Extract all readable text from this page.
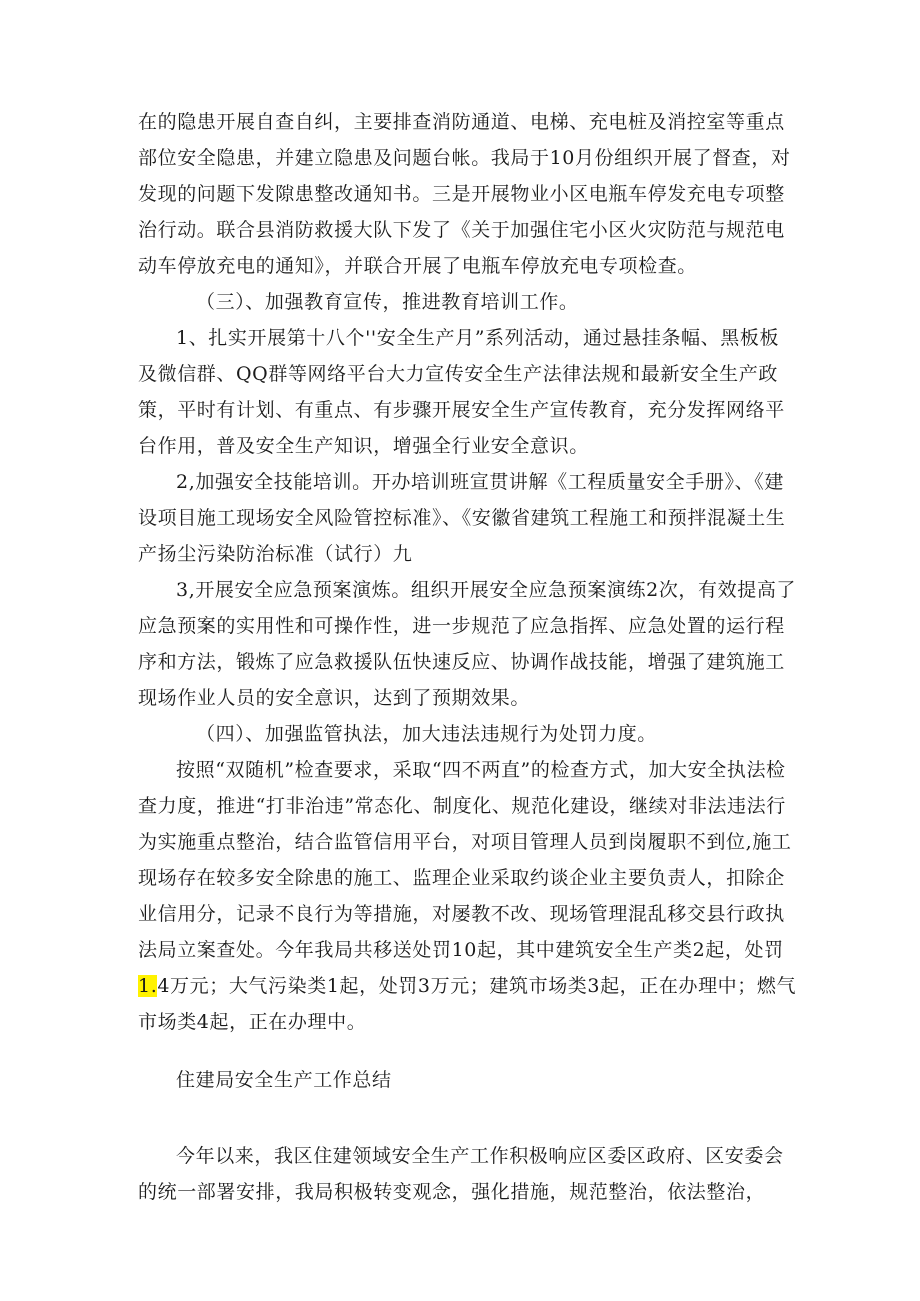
在的隐患开展自查自纠，主要排查消防通道、电梯、充电桩及消控室等重点部位安全隐患，并建立隐患及问题台帐。我局于10月份组织开展了督查，对发现的问题下发隙患整改通知书。三是开展物业小区电瓶车停发充电专项整治行动。联合县消防救援大队下发了《关于加强住宅小区火灾防范与规范电动车停放充电的通知》，并联合开展了电瓶车停放充电专项检查。

（三）、加强教育宣传，推进教育培训工作。

1、扎实开展第十八个''安全生产月”系列活动，通过悬挂条幅、黑板板及微信群、QQ群等网络平台大力宣传安全生产法律法规和最新安全生产政策，平时有计划、有重点、有步骤开展安全生产宣传教育，充分发挥网络平台作用，普及安全生产知识，增强全行业安全意识。

2,加强安全技能培训。开办培训班宣贯讲解《工程质量安全手册》、《建设项目施工现场安全风险管控标准》、《安徽省建筑工程施工和预拌混凝土生产扬尘污染防治标准（试行）九

3,开展安全应急预案演炼。组织开展安全应急预案演练2次，有效提高了应急预案的实用性和可操作性，进一步规范了应急指挥、应急处置的运行程序和方法，锻炼了应急救援队伍快速反应、协调作战技能，增强了建筑施工现场作业人员的安全意识，达到了预期效果。

（四）、加强监管执法，加大违法违规行为处罚力度。

按照“双随机”检查要求，采取“四不两直”的检查方式，加大安全执法检查力度，推进“打非治违”常态化、制度化、规范化建设，继续对非法违法行为实施重点整治，结合监管信用平台，对项目管理人员到岗履职不到位,施工现场存在较多安全除患的施工、监理企业采取约谈企业主要负责人，扣除企业信用分，记录不良行为等措施，对屡教不改、现场管理混乱移交县行政执法局立案查处。今年我局共移送处罚10起，其中建筑安全生产类2起，处罚1.4万元；大气污染类1起，处罚3万元；建筑市场类3起，正在办理中；燃气市场类4起，正在办理中。

住建局安全生产工作总结

今年以来，我区住建领域安全生产工作积极响应区委区政府、区安委会的统一部署安排，我局积极转变观念，强化措施，规范整治，依法整治，
